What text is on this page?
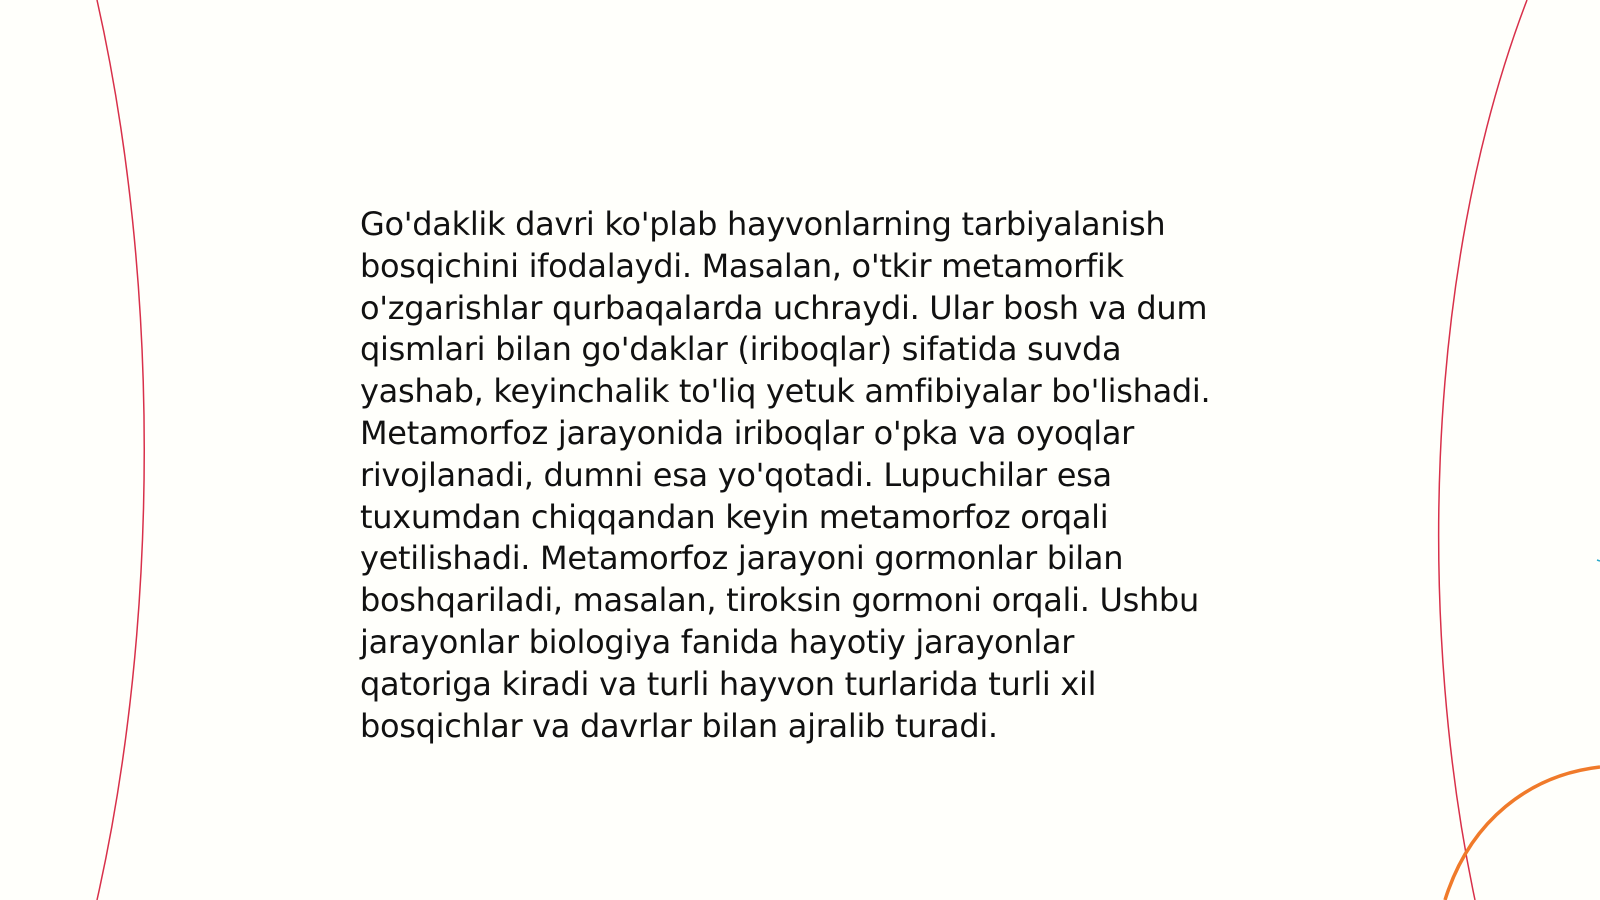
Go'daklik davri ko'plab hayvonlarning tarbiyalanish
bosqichini ifodalaydi. Masalan, o'tkir metamorfik
o'zgarishlar qurbaqalarda uchraydi. Ular bosh va dum
qismlari bilan go'daklar (iriboqlar) sifatida suvda
yashab, keyinchalik to'liq yetuk amfibiyalar bo'lishadi.
Metamorfoz jarayonida iriboqlar o'pka va oyoqlar
rivojlanadi, dumni esa yo'qotadi. Lupuchilar esa
tuxumdan chiqqandan keyin metamorfoz orqali
yetilishadi. Metamorfoz jarayoni gormonlar bilan
boshqariladi, masalan, tiroksin gormoni orqali. Ushbu
jarayonlar biologiya fanida hayotiy jarayonlar
qatoriga kiradi va turli hayvon turlarida turli xil
bosqichlar va davrlar bilan ajralib turadi.
